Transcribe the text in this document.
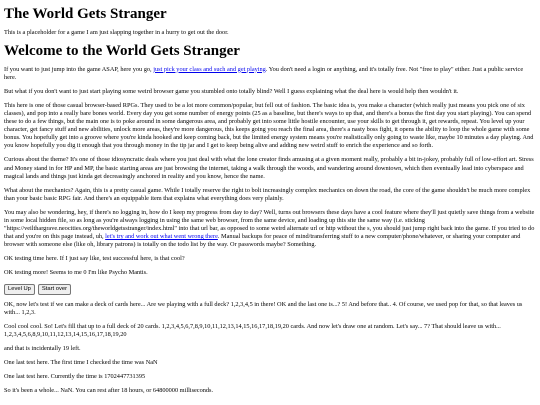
The World Gets Stranger

This is a placeholder for a game I am just slapping together in a hurry to get out the door.

Welcome to the World Gets Stranger

If you want to just jump into the game ASAP, here you go, just pick your class and such and get playing. You don't need a login or anything, and it's totally free. Not "free to play" either. Just a public service here.

But what if you don't want to just start playing some weird browser game you stumbled onto totally blind? Well I guess explaining what the deal here is would help then wouldn't it.

This here is one of those casual browser-based RPGs. They used to be a lot more common/popular, but fell out of fashion. The basic idea is, you make a character (which really just means you pick one of six classes), and pop into a really bare bones world. Every day you get some number of energy points (25 as a baseline, but there's ways to up that, and there's a bonus the first day you start playing). You can spend these to do a few things, but the main one is to poke around in some dangerous area, and probably get into some little hostile encounter, use your skills to get through it, get rewards, repeat. You level up your character, get fancy stuff and new abilities, unlock more areas, they're more dangerous, this keeps going you reach the final area, there's a nasty boss fight, it opens the ability to loop the whole game with some bonus. You hopefully get into a groove where you're kinda hooked and keep coming back, but the limited energy system means you're realistically only going to waste like, maybe 10 minutes a day playing. And you know hopefully you dig it enough that you through money in the tip jar and I get to keep being alive and adding new weird stuff to enrich the experience and so forth.

Curious about the theme? It's one of those idiosyncratic deals where you just deal with what the lone creator finds amusing at a given moment really, probably a bit in-jokey, probably full of low-effort art. Stress and Money stand in for HP and MP, the basic starting areas are just browsing the internet, taking a walk through the woods, and wandering around downtown, which then eventually lead into cyberspace and magical lands and things just kinda get decreasingly anchored in reality and you know, hence the name.

What about the mechanics? Again, this is a pretty casual game. While I totally reserve the right to bolt increasingly complex mechanics on down the road, the core of the game shouldn't be much more complex than your basic basic RPG fair. And there's an equippable item that explains what everything does very plainly.

You may also be wondering, hey, if there's no logging in, how do I keep my progress from day to day? Well, turns out browsers these days have a cool feature where they'll just quietly save things from a website in some local hidden file, so as long as you're always logging in using the same web browser, from the same device, and loading up this site the same way (i.e. sticking "https://veilthargrave.neocities.org/theworldgetsstranger/index.html" into that url bar, as opposed to some weird alternate url or http without the s, you should just jump right back into the game. If you tried to do that and you're on this page instead, uh, let's try and work out what went wrong there. Manual backups for peace of mind/transferring stuff to a new computer/phone/whatever, or sharing your computer and browser with someone else (like oh, library patrons) is totally on the todo list by the way. Or passwords maybe? Something.

OK testing time here. If I just say like, test successful here, is that cool?

OK testing more! Seems to me 0 I'm like Psycho Mantis.

Level Up	Start over

OK, now let's test if we can make a deck of cards here... Are we playing with a full deck? 1,2,3,4,5 in there! OK and the last one is...? 5! And before that.. 4. Of course, we used pop for that, so that leaves us with... 1,2,3.

Cool cool cool. So! Let's fill that up to a full deck of 20 cards. 1,2,3,4,5,6,7,8,9,10,11,12,13,14,15,16,17,18,19,20 cards. And now let's draw one at random. Let's say... 7? That should leave us with... 1,2,3,4,5,6,8,9,10,11,12,13,14,15,16,17,18,19,20

and that is incidentally 19 left.

One last test here. The first time I checked the time was NaN

One last test here. Currently the time is 1702447731395

So it's been a whole... NaN. You can rest after 18 hours, or 64800000 milliseconds.
